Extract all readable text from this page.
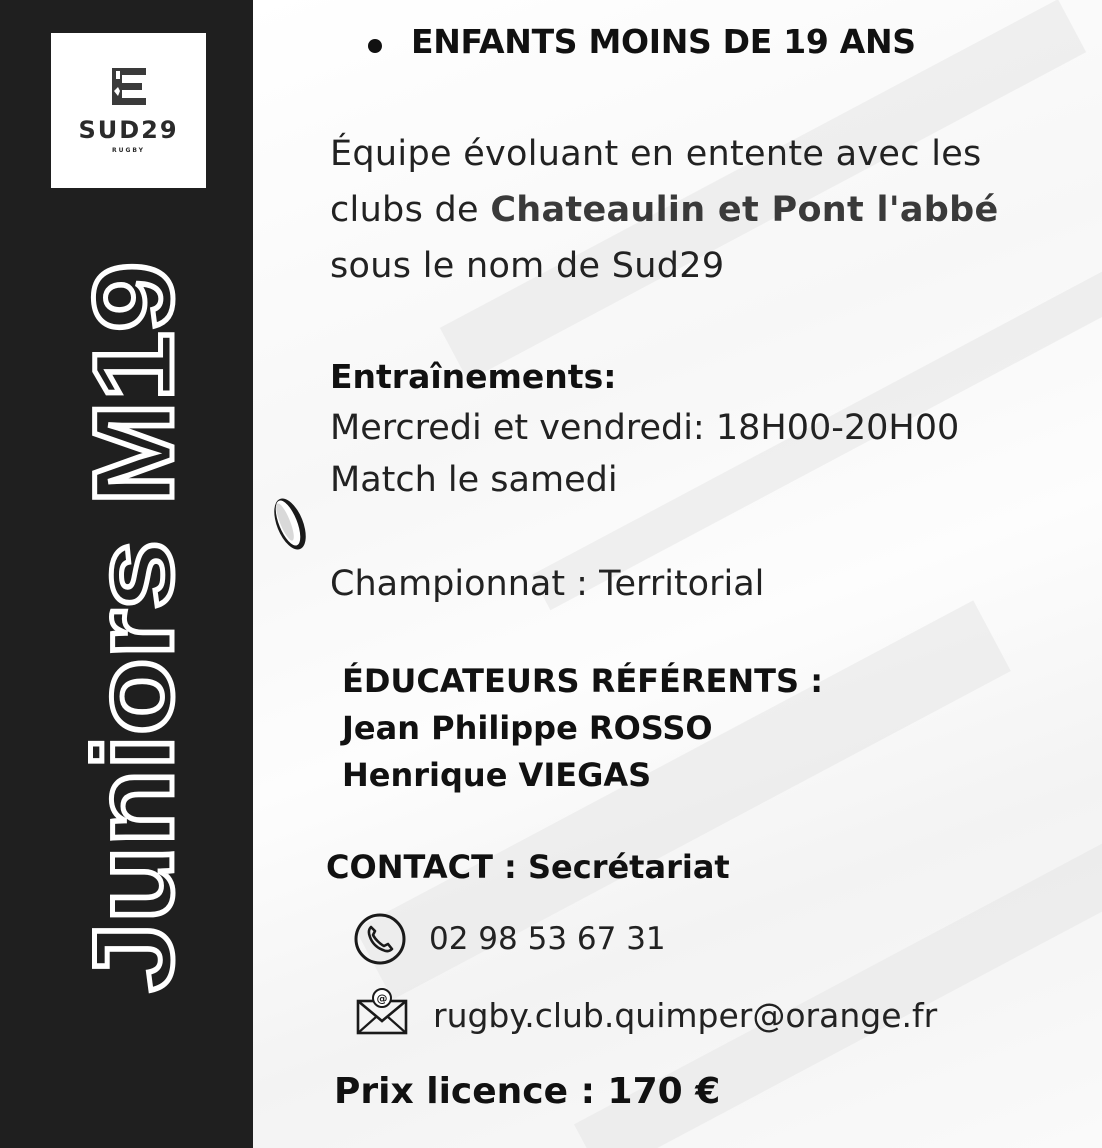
SUD29
RUGBY
Juniors M19
ENFANTS MOINS DE 19 ANS
Équipe évoluant en entente avec les
clubs de Chateaulin et Pont l'abbé
sous le nom de Sud29
Entraînements:
Mercredi et vendredi: 18H00-20H00
Match le samedi
Championnat : Territorial
ÉDUCATEURS RÉFÉRENTS :
Jean Philippe ROSSO
Henrique VIEGAS
CONTACT : Secrétariat
02 98 53 67 31
@ rugby.club.quimper@orange.fr
Prix licence : 170 €
